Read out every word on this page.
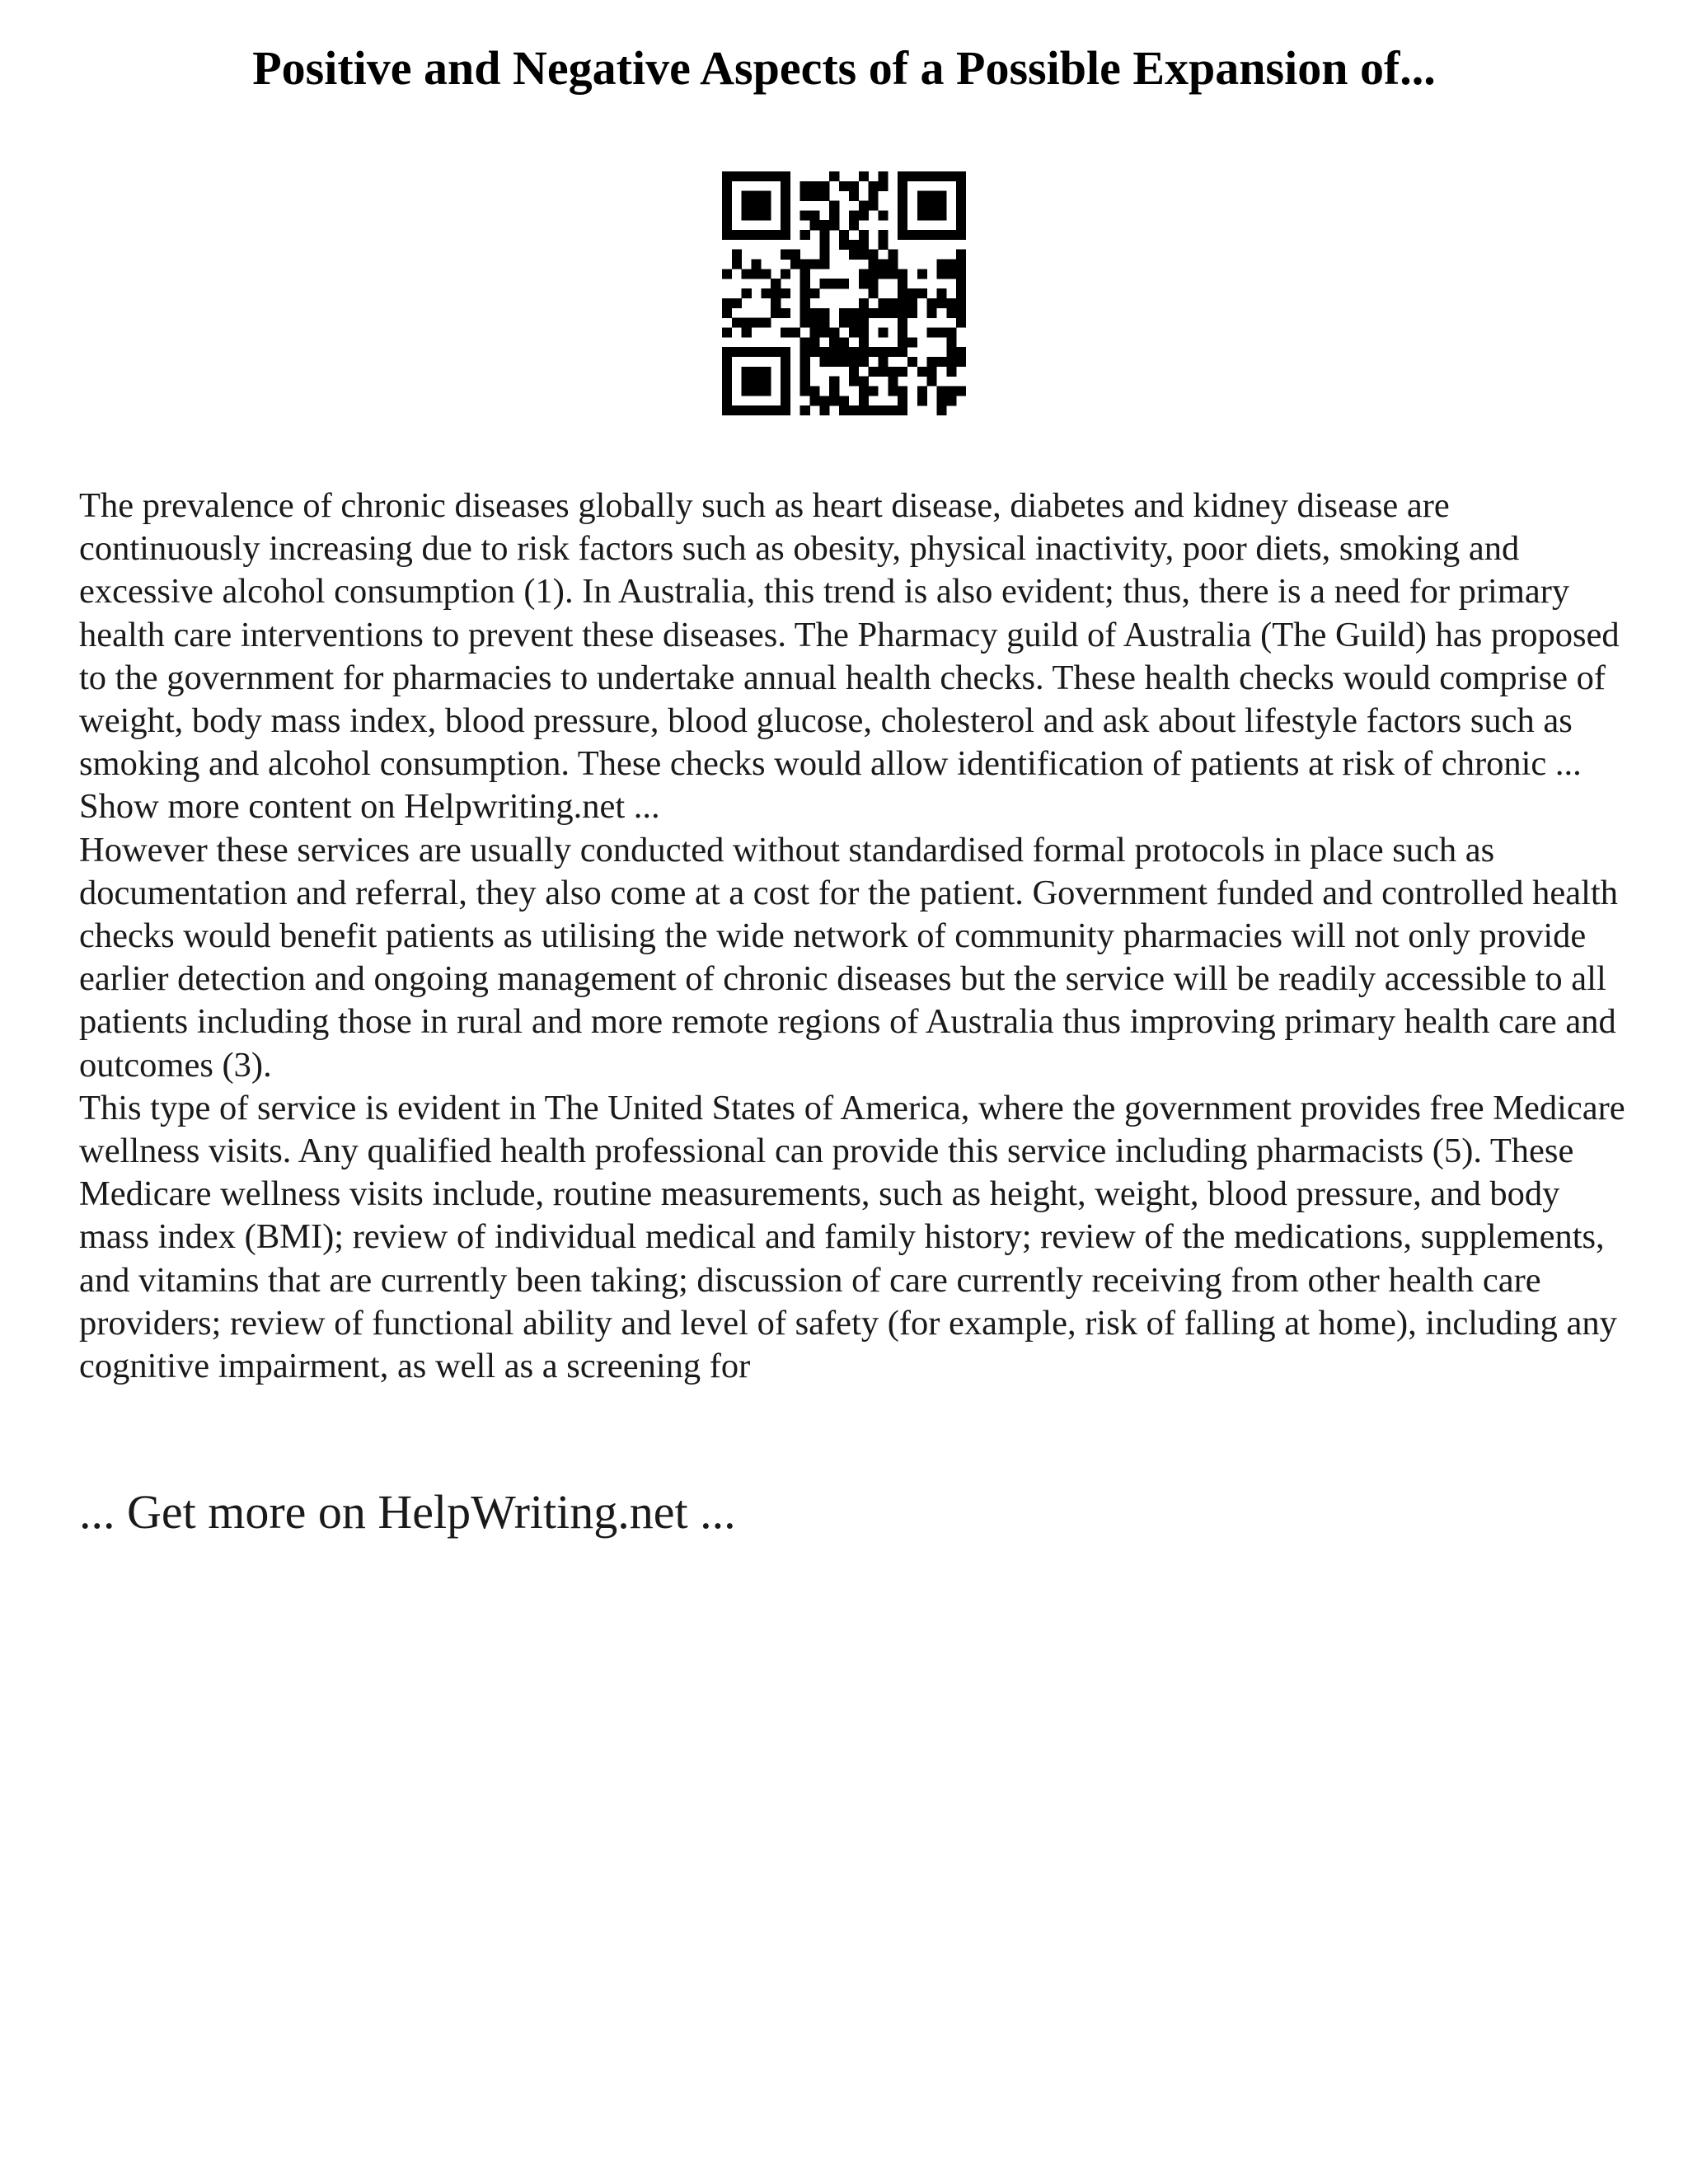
Positive and Negative Aspects of a Possible Expansion of...

The prevalence of chronic diseases globally such as heart disease, diabetes and kidney disease are continuously increasing due to risk factors such as obesity, physical inactivity, poor diets, smoking and excessive alcohol consumption (1). In Australia, this trend is also evident; thus, there is a need for primary health care interventions to prevent these diseases. The Pharmacy guild of Australia (The Guild) has proposed to the government for pharmacies to undertake annual health checks. These health checks would comprise of weight, body mass index, blood pressure, blood glucose, cholesterol and ask about lifestyle factors such as smoking and alcohol consumption. These checks would allow identification of patients at risk of chronic ... Show more content on Helpwriting.net ...

However these services are usually conducted without standardised formal protocols in place such as documentation and referral, they also come at a cost for the patient. Government funded and controlled health checks would benefit patients as utilising the wide network of community pharmacies will not only provide earlier detection and ongoing management of chronic diseases but the service will be readily accessible to all patients including those in rural and more remote regions of Australia thus improving primary health care and outcomes (3).

This type of service is evident in The United States of America, where the government provides free Medicare wellness visits. Any qualified health professional can provide this service including pharmacists (5). These Medicare wellness visits include, routine measurements, such as height, weight, blood pressure, and body mass index (BMI); review of individual medical and family history; review of the medications, supplements, and vitamins that are currently been taking; discussion of care currently receiving from other health care providers; review of functional ability and level of safety (for example, risk of falling at home), including any cognitive impairment, as well as a screening for

... Get more on HelpWriting.net ...
